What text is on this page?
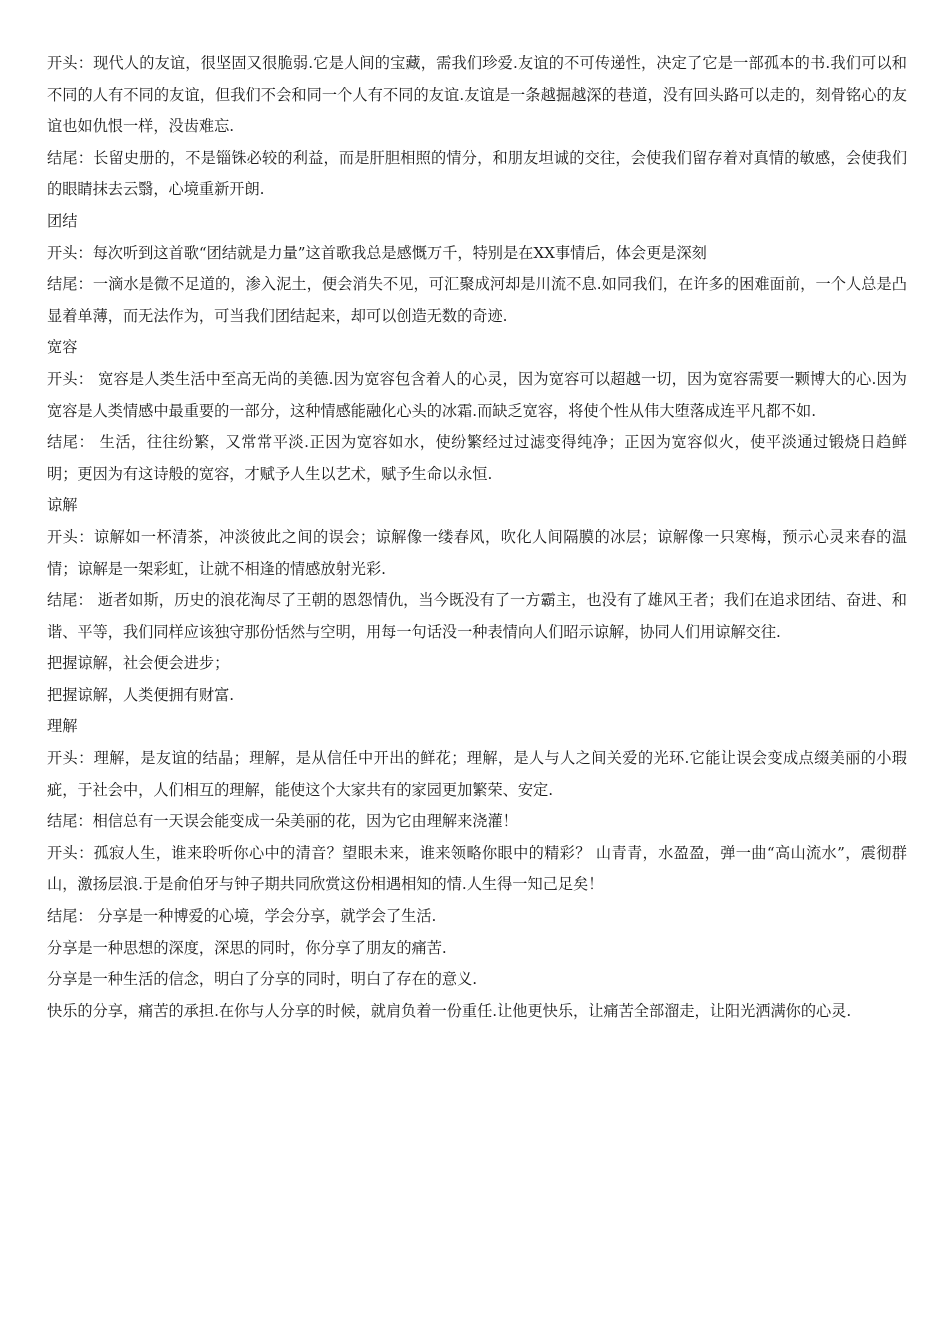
开头：现代人的友谊，很坚固又很脆弱.它是人间的宝藏，需我们珍爱.友谊的不可传递性，决定了它是一部孤本的书.我们可以和不同的人有不同的友谊，但我们不会和同一个人有不同的友谊.友谊是一条越掘越深的巷道，没有回头路可以走的，刻骨铭心的友谊也如仇恨一样，没齿难忘.

结尾：长留史册的，不是锱铢必较的利益，而是肝胆相照的情分，和朋友坦诚的交往，会使我们留存着对真情的敏感，会使我们的眼睛抹去云翳，心境重新开朗.

团结

开头：每次听到这首歌“团结就是力量”这首歌我总是感慨万千，特别是在XX事情后，体会更是深刻

结尾：一滴水是微不足道的，渗入泥土，便会消失不见，可汇聚成河却是川流不息.如同我们，在许多的困难面前，一个人总是凸显着单薄，而无法作为，可当我们团结起来，却可以创造无数的奇迹.

宽容

开头： 宽容是人类生活中至高无尚的美德.因为宽容包含着人的心灵，因为宽容可以超越一切，因为宽容需要一颗博大的心.因为宽容是人类情感中最重要的一部分，这种情感能融化心头的冰霜.而缺乏宽容，将使个性从伟大堕落成连平凡都不如.

结尾： 生活，往往纷繁，又常常平淡.正因为宽容如水，使纷繁经过过滤变得纯净；正因为宽容似火，使平淡通过锻烧日趋鲜明；更因为有这诗般的宽容，才赋予人生以艺术，赋予生命以永恒.

谅解

开头：谅解如一杯清茶，冲淡彼此之间的误会；谅解像一缕春风，吹化人间隔膜的冰层；谅解像一只寒梅，预示心灵来春的温情；谅解是一架彩虹，让就不相逢的情感放射光彩.

结尾： 逝者如斯，历史的浪花淘尽了王朝的恩怨情仇，当今既没有了一方霸主，也没有了雄风王者；我们在追求团结、奋进、和谐、平等，我们同样应该独守那份恬然与空明，用每一句话没一种表情向人们昭示谅解，协同人们用谅解交往.

把握谅解，社会便会进步；

把握谅解，人类便拥有财富.

理解

开头：理解，是友谊的结晶；理解，是从信任中开出的鲜花；理解，是人与人之间关爱的光环.它能让误会变成点缀美丽的小瑕疵，于社会中，人们相互的理解，能使这个大家共有的家园更加繁荣、安定.

结尾：相信总有一天误会能变成一朵美丽的花，因为它由理解来浇灌！

开头：孤寂人生，谁来聆听你心中的清音？望眼未来，谁来领略你眼中的精彩？ 山青青，水盈盈，弹一曲“高山流水”，震彻群山，激扬层浪.于是俞伯牙与钟子期共同欣赏这份相遇相知的情.人生得一知己足矣！

结尾： 分享是一种博爱的心境，学会分享，就学会了生活.

分享是一种思想的深度，深思的同时，你分享了朋友的痛苦.

分享是一种生活的信念，明白了分享的同时，明白了存在的意义.

快乐的分享，痛苦的承担.在你与人分享的时候，就肩负着一份重任.让他更快乐，让痛苦全部溜走，让阳光洒满你的心灵.
